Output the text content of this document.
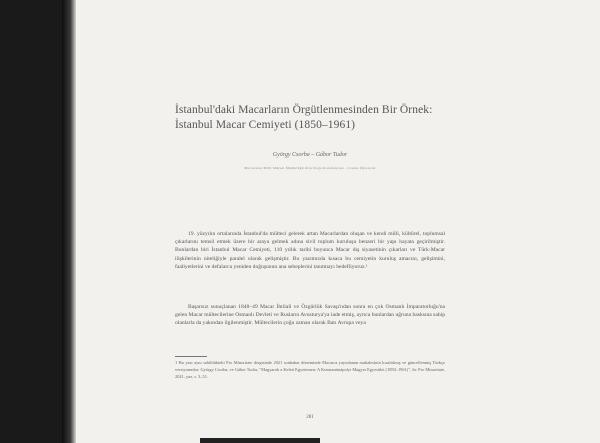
İstanbul'daki Macarların Örgütlenmesinden Bir Örnek: İstanbul Macar Cemiyeti (1850–1961)
György Csorba – Gábor Tudor
Macaristan Milli Müzesi Müdürlüğü Orta Doğu Koleksiyonu – Lisans Öğrencisi
19. yüzyılın ortalarında İstanbul'da mülteci gelerek artan Macarlardan oluşan ve kendi milli, kültürel, toplumsal çıkarlarını temsil etmek üzere bir araya gelmek adına sivil toplum kuruluşu benzeri bir yapı hayata geçirilmiştir. Bunlardan biri İstanbul Macar Cemiyeti, 110 yıllık tarihi boyunca Macar dış siyasetinin çıkarları ve Türk-Macar ilişkilerinin niteliğiyle paralel olarak gelişmiştir. Bu yazımızda kısaca bu cemiyetin kuruluş amacını, gelişimini, faaliyetlerini ve defalarca yeniden doğuşunun ana sebeplerini tanıtmayı hedefliyoruz.¹
Başarısız sonuçlanan 1848–49 Macar İhtilali ve Özgürlük Savaşı'ndan sonra en çok Osmanlı İmparatorluğu'na gelen Macar mültecilerine Osmanlı Devleti ve Rusların Avusturya'ya iade etmiş, ayrıca bunlardan uğruna basksına sahip olanlarla da yakından ilgilenmiştir. Mültecilerin çoğu zaman olarak Batı Avrupa veya
1 Bu yazı aynı sahiblükteki Pro Minoritate dergisinde 2021 sonbahar döneminde Macarca yayınlanan makalesinin kısaltılmış ve güncellenmiş Türkçe versiyonudur: György Csorba, ve Gábor Tudor, "Magyarok a Keleti Egyetemen: A Konstantinápolyi Magyar Egyesület (1850–1961)", In: Pro Minoritate, 2021, yaz, s. 3–51.
281
